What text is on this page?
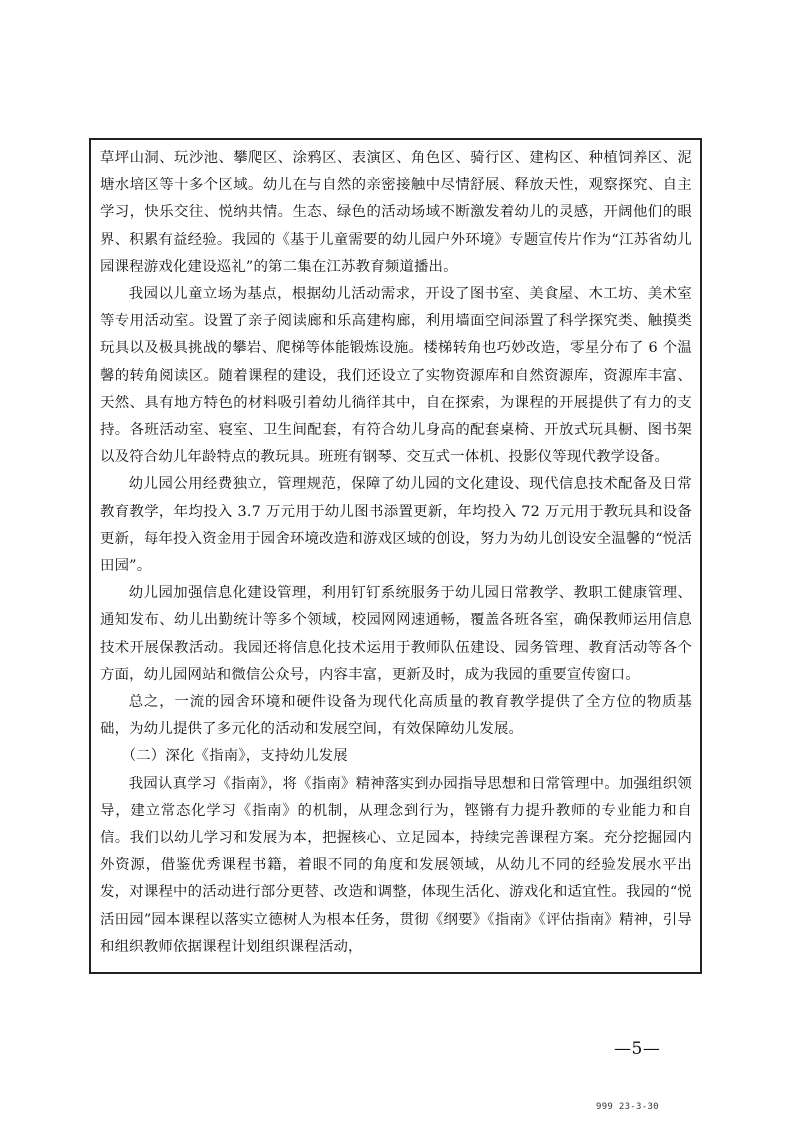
草坪山洞、玩沙池、攀爬区、涂鸦区、表演区、角色区、骑行区、建构区、种植饲养区、泥塘水培区等十多个区域。幼儿在与自然的亲密接触中尽情舒展、释放天性，观察探究、自主学习，快乐交往、悦纳共情。生态、绿色的活动场域不断激发着幼儿的灵感，开阔他们的眼界、积累有益经验。我园的《基于儿童需要的幼儿园户外环境》专题宣传片作为“江苏省幼儿园课程游戏化建设巡礼”的第二集在江苏教育频道播出。

我园以儿童立场为基点，根据幼儿活动需求，开设了图书室、美食屋、木工坊、美术室等专用活动室。设置了亲子阅读廊和乐高建构廊，利用墙面空间添置了科学探究类、触摸类玩具以及极具挑战的攀岩、爬梯等体能锻炼设施。楼梯转角也巧妙改造，零星分布了 6 个温馨的转角阅读区。随着课程的建设，我们还设立了实物资源库和自然资源库，资源库丰富、天然、具有地方特色的材料吸引着幼儿徜徉其中，自在探索，为课程的开展提供了有力的支持。各班活动室、寝室、卫生间配套，有符合幼儿身高的配套桌椅、开放式玩具橱、图书架以及符合幼儿年龄特点的教玩具。班班有钢琴、交互式一体机、投影仪等现代教学设备。

幼儿园公用经费独立，管理规范，保障了幼儿园的文化建设、现代信息技术配备及日常教育教学，年均投入 3.7 万元用于幼儿图书添置更新，年均投入 72 万元用于教玩具和设备更新，每年投入资金用于园舍环境改造和游戏区域的创设，努力为幼儿创设安全温馨的“悦活田园”。

幼儿园加强信息化建设管理，利用钉钉系统服务于幼儿园日常教学、教职工健康管理、通知发布、幼儿出勤统计等多个领域，校园网网速通畅，覆盖各班各室，确保教师运用信息技术开展保教活动。我园还将信息化技术运用于教师队伍建设、园务管理、教育活动等各个方面，幼儿园网站和微信公众号，内容丰富，更新及时，成为我园的重要宣传窗口。

总之，一流的园舍环境和硬件设备为现代化高质量的教育教学提供了全方位的物质基础，为幼儿提供了多元化的活动和发展空间，有效保障幼儿发展。

（二）深化《指南》，支持幼儿发展

我园认真学习《指南》，将《指南》精神落实到办园指导思想和日常管理中。加强组织领导，建立常态化学习《指南》的机制，从理念到行为，铿锵有力提升教师的专业能力和自信。我们以幼儿学习和发展为本，把握核心、立足园本，持续完善课程方案。充分挖掘园内外资源，借鉴优秀课程书籍，着眼不同的角度和发展领域，从幼儿不同的经验发展水平出发，对课程中的活动进行部分更替、改造和调整，体现生活化、游戏化和适宜性。我园的“悦活田园”园本课程以落实立德树人为根本任务，贯彻《纲要》《指南》《评估指南》精神，引导和组织教师依据课程计划组织课程活动，

—5—
999 23-3-30
